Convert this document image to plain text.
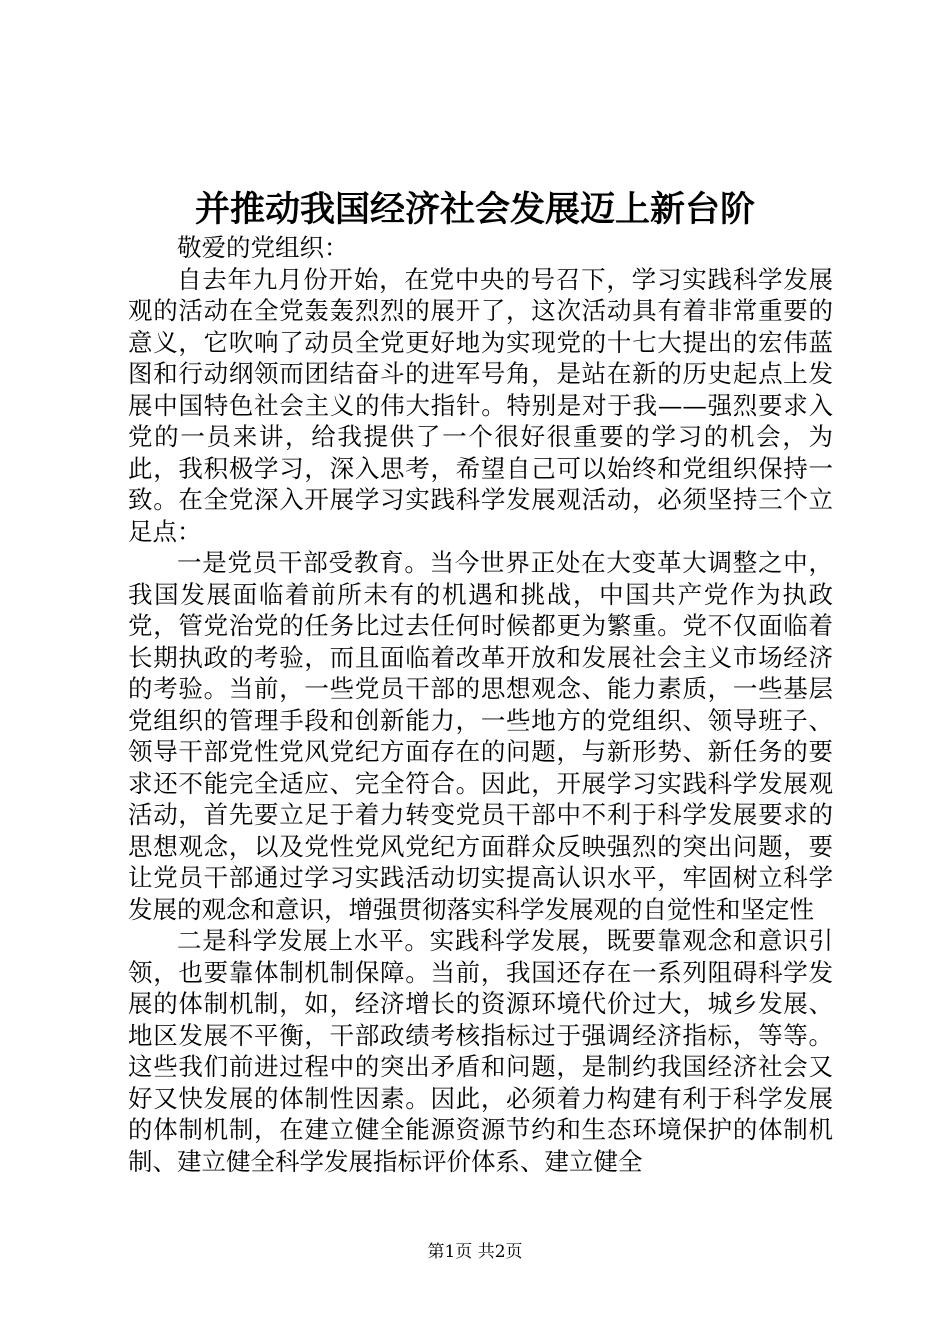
并推动我国经济社会发展迈上新台阶

敬爱的党组织：

自去年九月份开始，在党中央的号召下，学习实践科学发展观的活动在全党轰轰烈烈的展开了，这次活动具有着非常重要的意义，它吹响了动员全党更好地为实现党的十七大提出的宏伟蓝图和行动纲领而团结奋斗的进军号角，是站在新的历史起点上发展中国特色社会主义的伟大指针。特别是对于我——强烈要求入党的一员来讲，给我提供了一个很好很重要的学习的机会，为此，我积极学习，深入思考，希望自己可以始终和党组织保持一致。在全党深入开展学习实践科学发展观活动，必须坚持三个立足点：

一是党员干部受教育。当今世界正处在大变革大调整之中，我国发展面临着前所未有的机遇和挑战，中国共产党作为执政党，管党治党的任务比过去任何时候都更为繁重。党不仅面临着长期执政的考验，而且面临着改革开放和发展社会主义市场经济的考验。当前，一些党员干部的思想观念、能力素质，一些基层党组织的管理手段和创新能力，一些地方的党组织、领导班子、领导干部党性党风党纪方面存在的问题，与新形势、新任务的要求还不能完全适应、完全符合。因此，开展学习实践科学发展观活动，首先要立足于着力转变党员干部中不利于科学发展要求的思想观念，以及党性党风党纪方面群众反映强烈的突出问题，要让党员干部通过学习实践活动切实提高认识水平，牢固树立科学发展的观念和意识，增强贯彻落实科学发展观的自觉性和坚定性

二是科学发展上水平。实践科学发展，既要靠观念和意识引领，也要靠体制机制保障。当前，我国还存在一系列阻碍科学发展的体制机制，如，经济增长的资源环境代价过大，城乡发展、地区发展不平衡，干部政绩考核指标过于强调经济指标，等等。这些我们前进过程中的突出矛盾和问题，是制约我国经济社会又好又快发展的体制性因素。因此，必须着力构建有利于科学发展的体制机制，在建立健全能源资源节约和生态环境保护的体制机制、建立健全科学发展指标评价体系、建立健全

第1页 共2页
